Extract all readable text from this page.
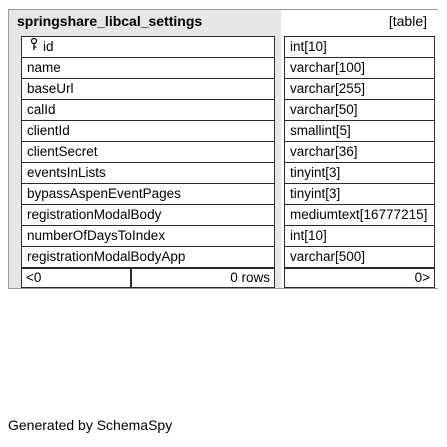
springshare_libcal_settings	[table]
id	int[10]
name	varchar[100]
baseUrl	varchar[255]
calId	varchar[50]
clientId	smallint[5]
clientSecret	varchar[36]
eventsInLists	tinyint[3]
bypassAspenEventPages	tinyint[3]
registrationModalBody	mediumtext[16777215]
numberOfDaysToIndex	int[10]
registrationModalBodyApp	varchar[500]
<0	0 rows	0>
Generated by SchemaSpy
